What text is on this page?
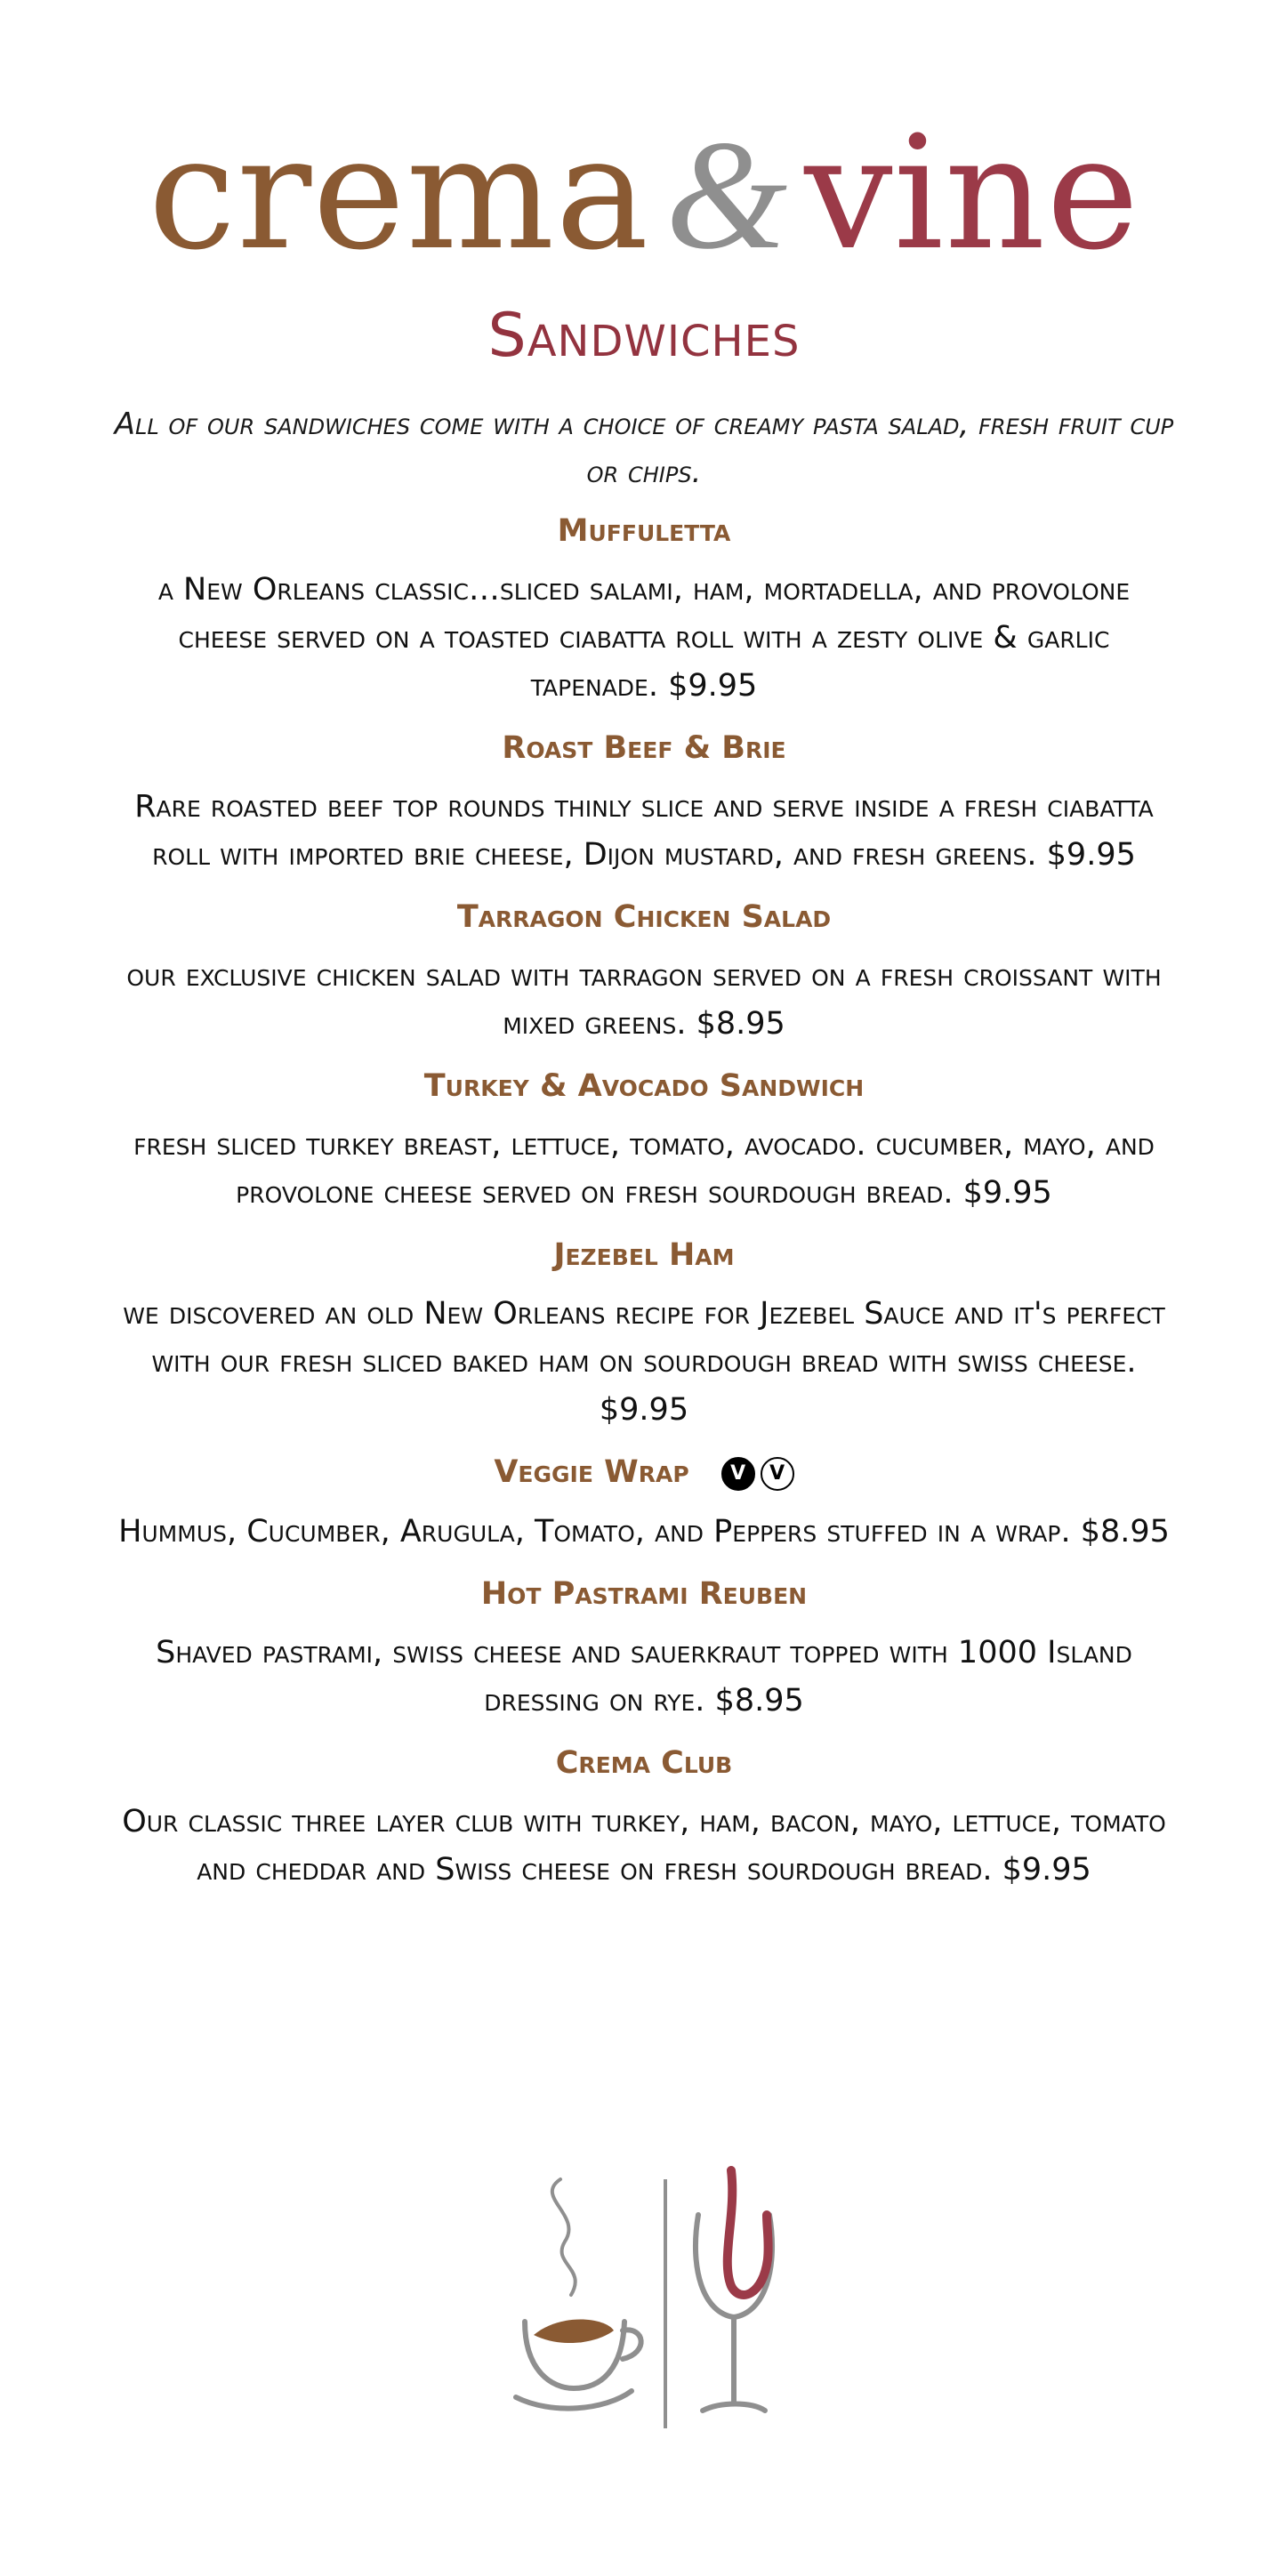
crema & vine
Sandwiches
All of our sandwiches come with a choice of creamy pasta salad, fresh fruit cup or chips.
Muffuletta
a New Orleans classic…sliced salami, ham, mortadella, and provolone cheese served on a toasted ciabatta roll with a zesty olive & garlic tapenade. $9.95
Roast Beef & Brie
Rare roasted beef top rounds thinly slice and serve inside a fresh ciabatta roll with imported brie cheese, Dijon mustard, and fresh greens. $9.95
Tarragon Chicken Salad
our exclusive chicken salad with tarragon served on a fresh croissant with mixed greens. $8.95
Turkey & Avocado Sandwich
fresh sliced turkey breast, lettuce, tomato, avocado. cucumber, mayo, and provolone cheese served on fresh sourdough bread. $9.95
Jezebel Ham
we discovered an old New Orleans recipe for Jezebel Sauce and it's perfect with our fresh sliced baked ham on sourdough bread with swiss cheese. $9.95
Veggie Wrap V V
Hummus, Cucumber, Arugula, Tomato, and Peppers stuffed in a wrap. $8.95
Hot Pastrami Reuben
Shaved pastrami, swiss cheese and sauerkraut topped with 1000 Island dressing on rye. $8.95
Crema Club
Our classic three layer club with turkey, ham, bacon, mayo, lettuce, tomato and cheddar and Swiss cheese on fresh sourdough bread. $9.95
